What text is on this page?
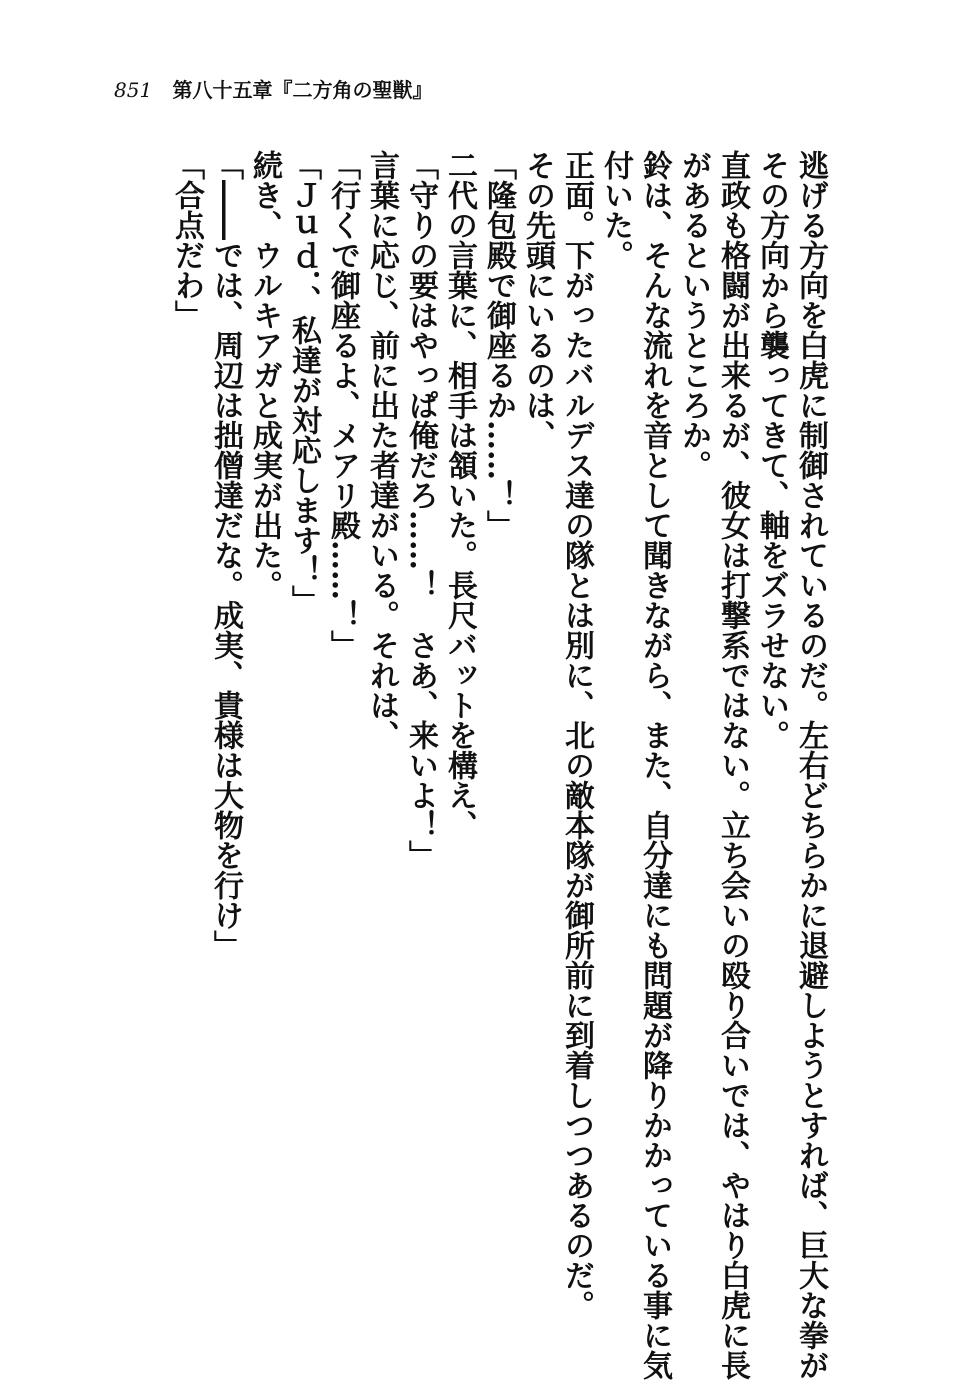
851 第八十五章『二方角の聖獣』
逃げる方向を白虎に制御されているのだ。左右どちらかに退避しようとすれば、巨大な拳が
その方向から襲ってきて、軸をズラせない。
直政も格闘が出来るが、彼女は打撃系ではない。立ち会いの殴り合いでは、やはり白虎に長
があるというところか。
鈴は、そんな流れを音として聞きながら、また、自分達にも問題が降りかかっている事に気
付いた。
正面。下がったバルデス達の隊とは別に、北の敵本隊が御所前に到着しつつあるのだ。
その先頭にいるのは、
「隆包殿で御座るか……！」
二代の言葉に、相手は頷いた。長尺バットを構え、
「守りの要はやっぱ俺だろ……！　さあ、来いよ！」
言葉に応じ、前に出た者達がいる。それは、
「行くで御座るよ、メアリ殿……！」
「Ｊｕｄ．、私達が対応します！」
続き、ウルキアガと成実が出た。
「――では、周辺は拙僧達だな。成実、貴様は大物を行け」
「合点だわ」
